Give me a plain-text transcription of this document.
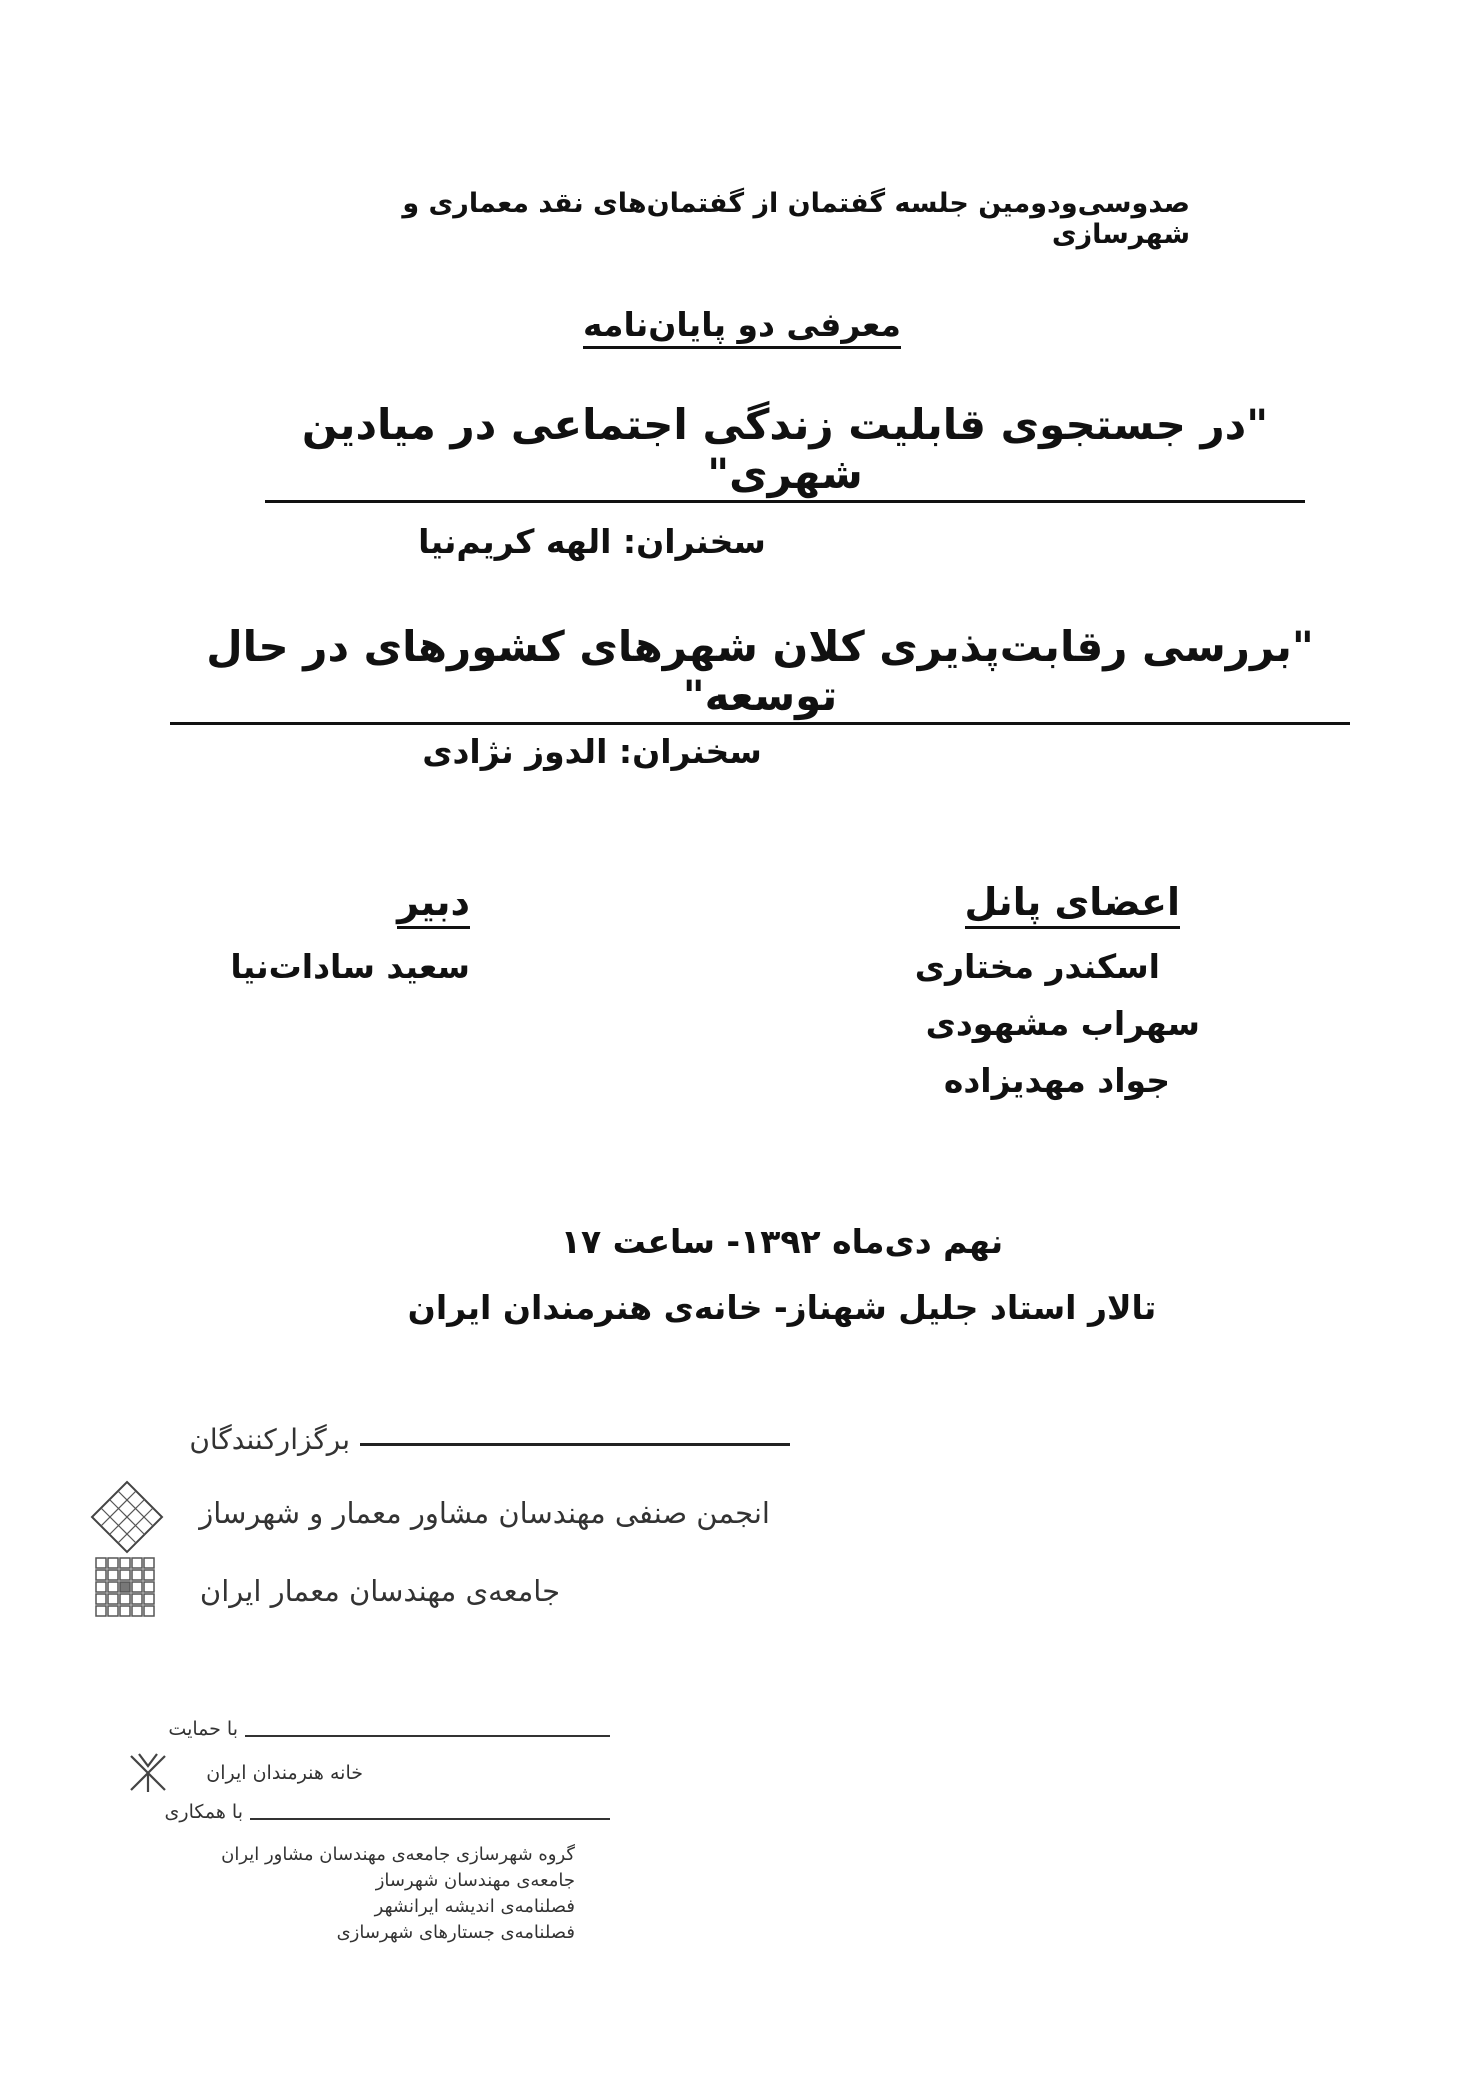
صدوسی‌ودومین جلسه گفتمان از گفتمان‌های نقد معماری و شهرسازی
معرفی دو پایان‌نامه
"در جستجوی قابلیت زندگی اجتماعی در میادین شهری"
سخنران: الهه کریم‌نیا
"بررسی رقابت‌پذیری کلان شهرهای کشورهای در حال توسعه"
سخنران: الدوز نژادی
اعضای پانل
اسکندر مختاری
سهراب مشهودی
جواد مهدیزاده
دبیر
سعید سادات‌نیا
نهم دی‌ماه ۱۳۹۲- ساعت ۱۷
تالار استاد جلیل شهناز- خانه‌ی هنرمندان ایران
برگزارکنندگان
انجمن صنفی مهندسان مشاور معمار و شهرساز
جامعه‌ی مهندسان معمار ایران
با حمایت
خانه هنرمندان ایران
با همکاری
گروه شهرسازی جامعه‌ی مهندسان مشاور ایران
جامعه‌ی مهندسان شهرساز
فصلنامه‌ی اندیشه ایرانشهر
فصلنامه‌ی جستارهای شهرسازی
